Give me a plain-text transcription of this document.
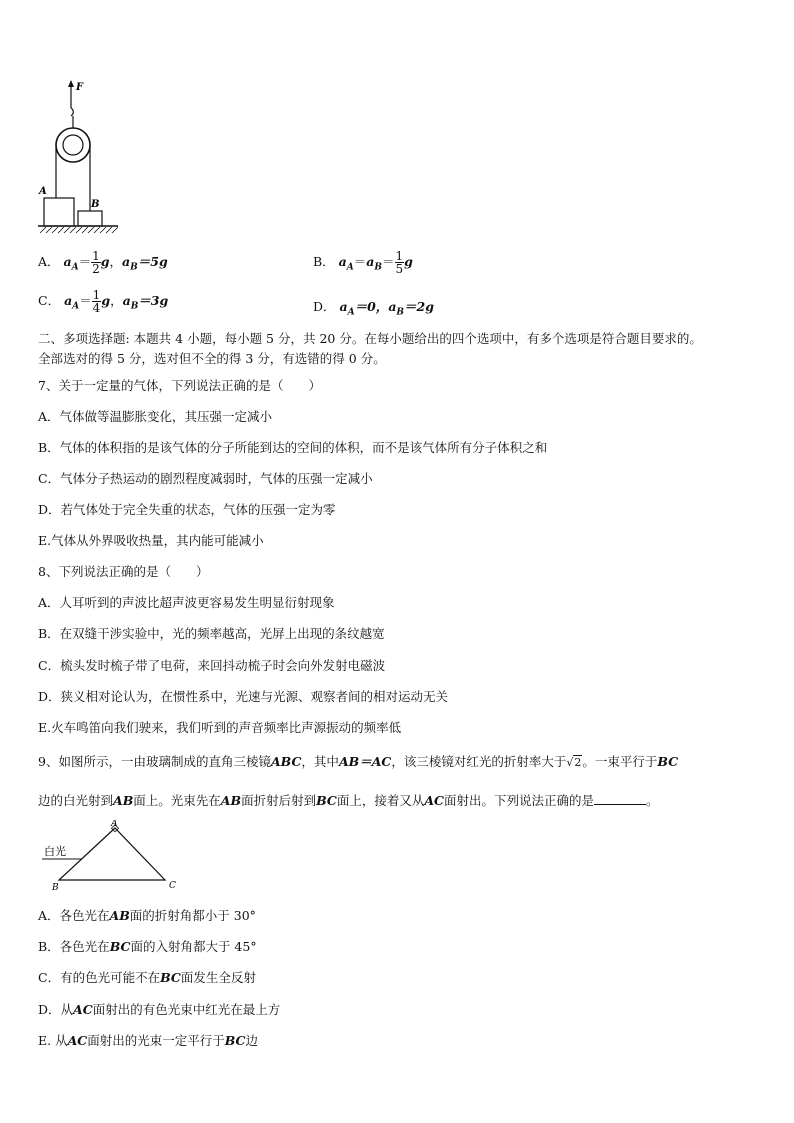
A
B
F
A． $a_A= \frac{1}{2}$ g，$a_B=5g$	B． $a_A=a_B= \frac{1}{5}$ g
C． $a_A= \frac{1}{4}$ g，$a_B=3g$	D． $a_A=0$，$a_B=2g$
二、多项选择题: 本题共 4 小题，每小题 5 分，共 20 分。在每小题给出的四个选项中，有多个选项是符合题目要求的。
全部选对的得 5 分，选对但不全的得 3 分，有选错的得 0 分。
7、关于一定量的气体，下列说法正确的是（　　）
A．气体做等温膨胀变化，其压强一定减小
B．气体的体积指的是该气体的分子所能到达的空间的体积，而不是该气体所有分子体积之和
C．气体分子热运动的剧烈程度减弱时，气体的压强一定减小
D．若气体处于完全失重的状态，气体的压强一定为零
E.气体从外界吸收热量，其内能可能减小
8、下列说法正确的是（　　）
A．人耳听到的声波比超声波更容易发生明显衍射现象
B．在双缝干涉实验中，光的频率越高，光屏上出现的条纹越宽
C．梳头发时梳子带了电荷，来回抖动梳子时会向外发射电磁波
D．狭义相对论认为，在惯性系中，光速与光源、观察者间的相对运动无关
E.火车鸣笛向我们驶来，我们听到的声音频率比声源振动的频率低
9、如图所示，一由玻璃制成的直角三棱镜ABC，其中AB＝AC，该三棱镜对红光的折射率大于√2。一束平行于BC
边的白光射到AB面上。光束先在AB面折射后射到BC面上，接着又从AC面射出。下列说法正确的是	。
A
B	C
白光
A．各色光在AB面的折射角都小于 30°
B．各色光在BC面的入射角都大于 45°
C．有的色光可能不在BC面发生全反射
D．从AC面射出的有色光束中红光在最上方
E. 从AC面射出的光束一定平行于BC边
